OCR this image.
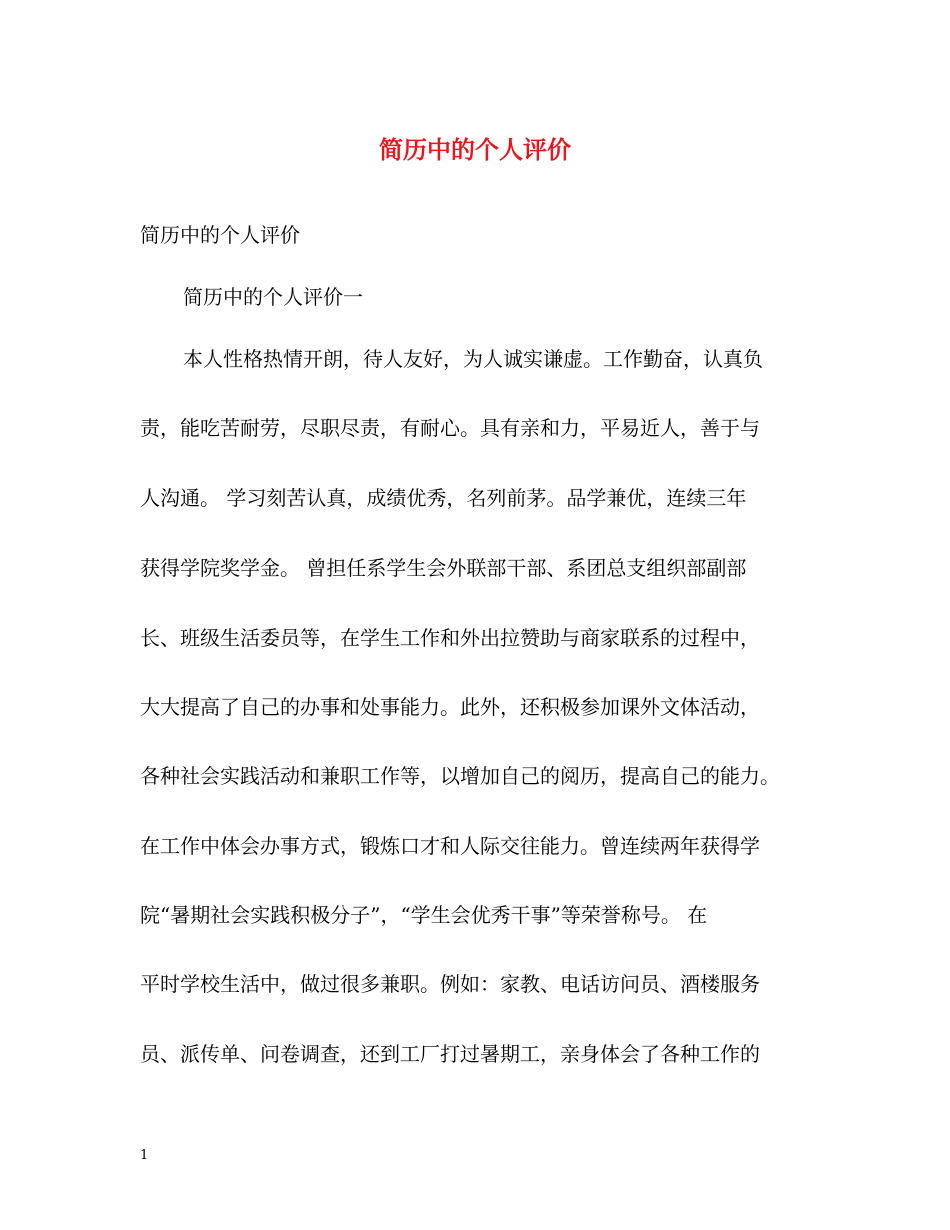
简历中的个人评价
简历中的个人评价
简历中的个人评价一
本人性格热情开朗，待人友好，为人诚实谦虚。工作勤奋，认真负
责，能吃苦耐劳，尽职尽责，有耐心。具有亲和力，平易近人，善于与
人沟通。 学习刻苦认真，成绩优秀，名列前茅。品学兼优，连续三年
获得学院奖学金。 曾担任系学生会外联部干部、系团总支组织部副部
长、班级生活委员等，在学生工作和外出拉赞助与商家联系的过程中，
大大提高了自己的办事和处事能力。此外，还积极参加课外文体活动，
各种社会实践活动和兼职工作等，以增加自己的阅历，提高自己的能力。
在工作中体会办事方式，锻炼口才和人际交往能力。曾连续两年获得学
院“暑期社会实践积极分子”，“学生会优秀干事”等荣誉称号。 在
平时学校生活中，做过很多兼职。例如：家教、电话访问员、酒楼服务
员、派传单、问卷调查，还到工厂打过暑期工，亲身体会了各种工作的
1
